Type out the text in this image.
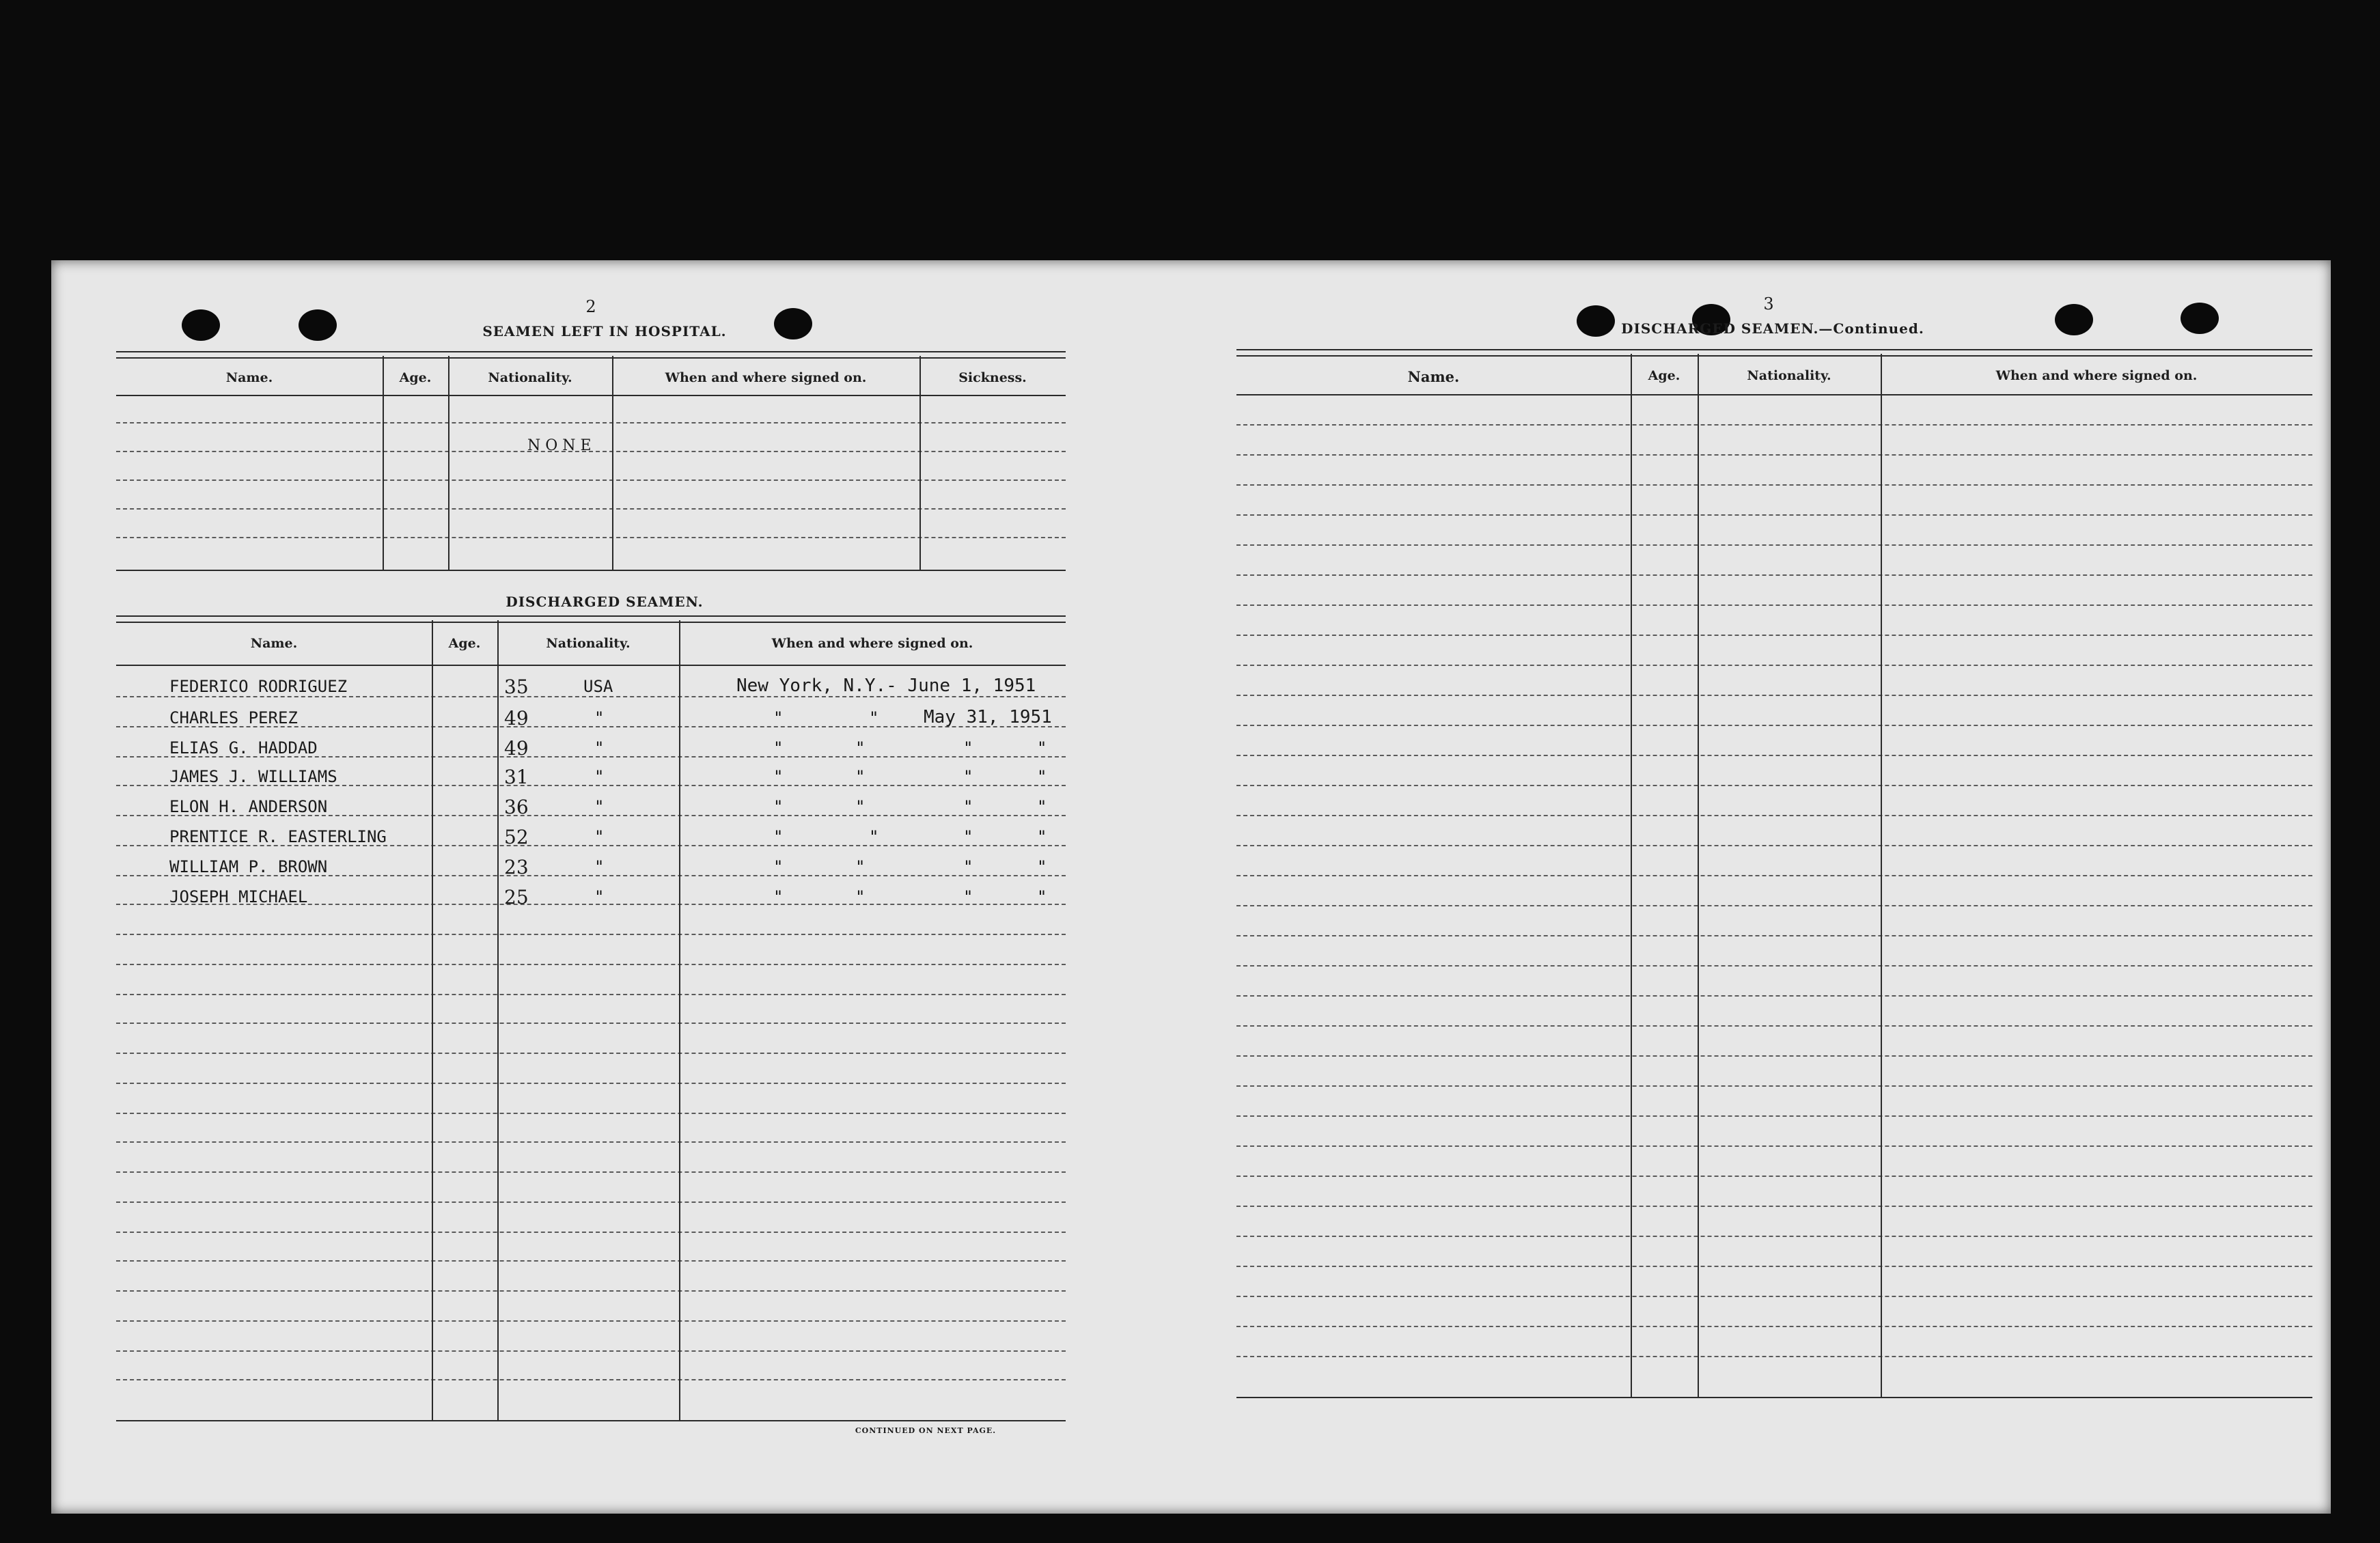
2
SEAMEN LEFT IN HOSPITAL.
Name.	Age.	Nationality.	When and where signed on.	Sickness.
N O N E
DISCHARGED SEAMEN.
Name.	Age.	Nationality.	When and where signed on.
FEDERICO RODRIGUEZ	35	USA	New York, N.Y.- June 1, 1951
CHARLES PEREZ	49	"	"	"	May 31, 1951
ELIAS G. HADDAD	49	"	"	"	"	"
JAMES J. WILLIAMS	31	"	"	"	"	"
ELON H. ANDERSON	36	"	"	"	"	"
PRENTICE R. EASTERLING	52	"	"	"	"	"
WILLIAM P. BROWN	23	"	"	"	"	"
JOSEPH MICHAEL	25	"	"	"	"	"
CONTINUED ON NEXT PAGE.
3
DISCHARGED SEAMEN.—Continued.
Name.	Age.	Nationality.	When and where signed on.
